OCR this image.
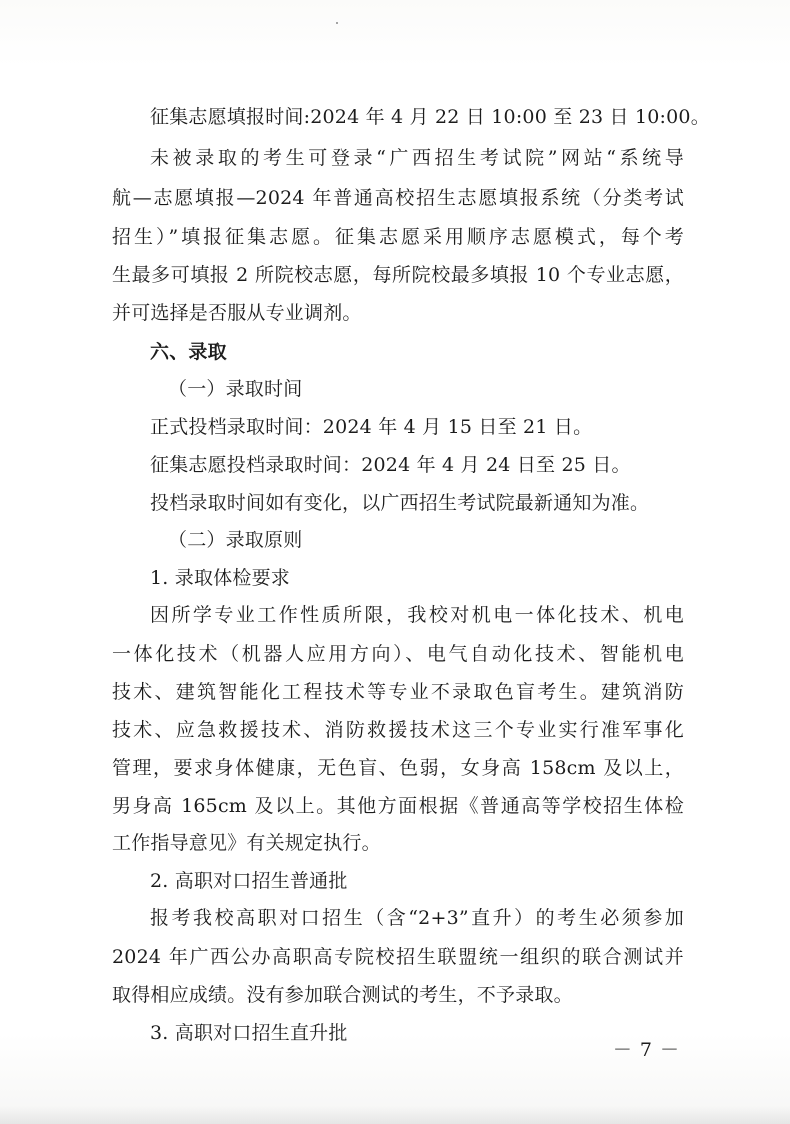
征集志愿填报时间:2024 年 4 月 22 日 10:00 至 23 日 10:00。

未被录取的考生可登录“广西招生考试院”网站“系统导

航—志愿填报—2024 年普通高校招生志愿填报系统（分类考试

招生）”填报征集志愿。征集志愿采用顺序志愿模式，每个考

生最多可填报 2 所院校志愿，每所院校最多填报 10 个专业志愿，

并可选择是否服从专业调剂。

六、录取

（一）录取时间

正式投档录取时间：2024 年 4 月 15 日至 21 日。

征集志愿投档录取时间：2024 年 4 月 24 日至 25 日。

投档录取时间如有变化，以广西招生考试院最新通知为准。

（二）录取原则

1. 录取体检要求

因所学专业工作性质所限，我校对机电一体化技术、机电

一体化技术（机器人应用方向）、电气自动化技术、智能机电

技术、建筑智能化工程技术等专业不录取色盲考生。建筑消防

技术、应急救援技术、消防救援技术这三个专业实行准军事化

管理，要求身体健康，无色盲、色弱，女身高 158cm 及以上，

男身高 165cm 及以上。其他方面根据《普通高等学校招生体检

工作指导意见》有关规定执行。

2. 高职对口招生普通批

报考我校高职对口招生（含“2+3”直升）的考生必须参加

2024 年广西公办高职高专院校招生联盟统一组织的联合测试并

取得相应成绩。没有参加联合测试的考生，不予录取。

3. 高职对口招生直升批

－ 7 －
